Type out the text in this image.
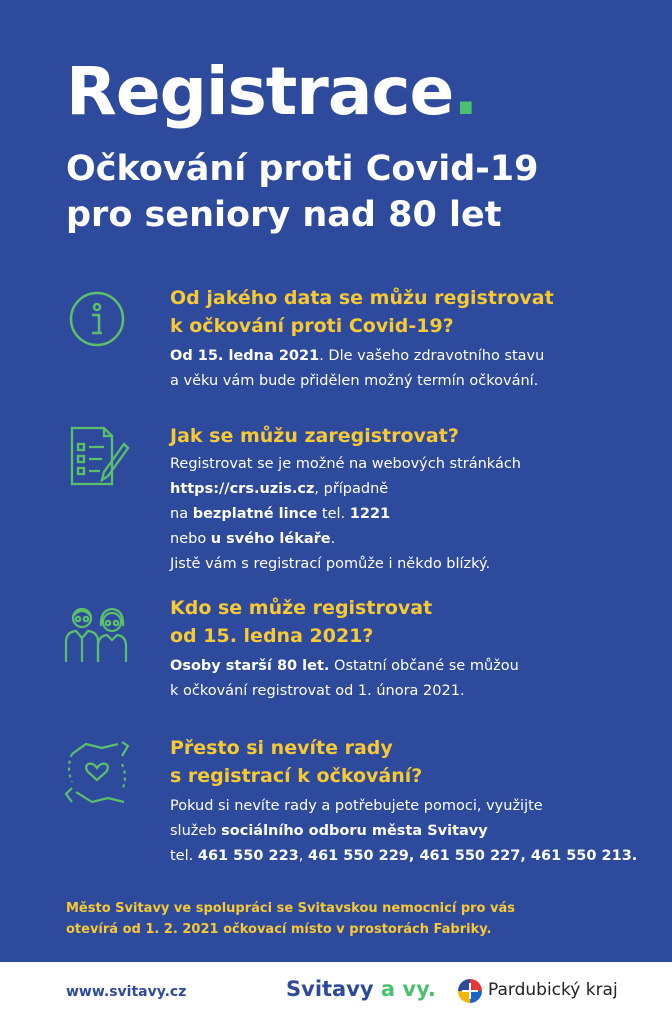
Registrace.
Očkování proti Covid-19
pro seniory nad 80 let
Od jakého data se můžu registrovat
k očkování proti Covid-19?
Od 15. ledna 2021. Dle vašeho zdravotního stavu
a věku vám bude přidělen možný termín očkování.
Jak se můžu zaregistrovat?
Registrovat se je možné na webových stránkách
https://crs.uzis.cz, případně
na bezplatné lince tel. 1221
nebo u svého lékaře.
Jistě vám s registrací pomůže i někdo blízký.
Kdo se může registrovat
od 15. ledna 2021?
Osoby starší 80 let. Ostatní občané se můžou
k očkování registrovat od 1. února 2021.
Přesto si nevíte rady
s registrací k očkování?
Pokud si nevíte rady a potřebujete pomoci, využijte
služeb sociálního odboru města Svitavy
tel. 461 550 223, 461 550 229, 461 550 227, 461 550 213.
Město Svitavy ve spolupráci se Svitavskou nemocnicí pro vás
otevírá od 1. 2. 2021 očkovací místo v prostorách Fabriky.
www.svitavy.cz	Svitavy a vy.	Pardubický kraj
